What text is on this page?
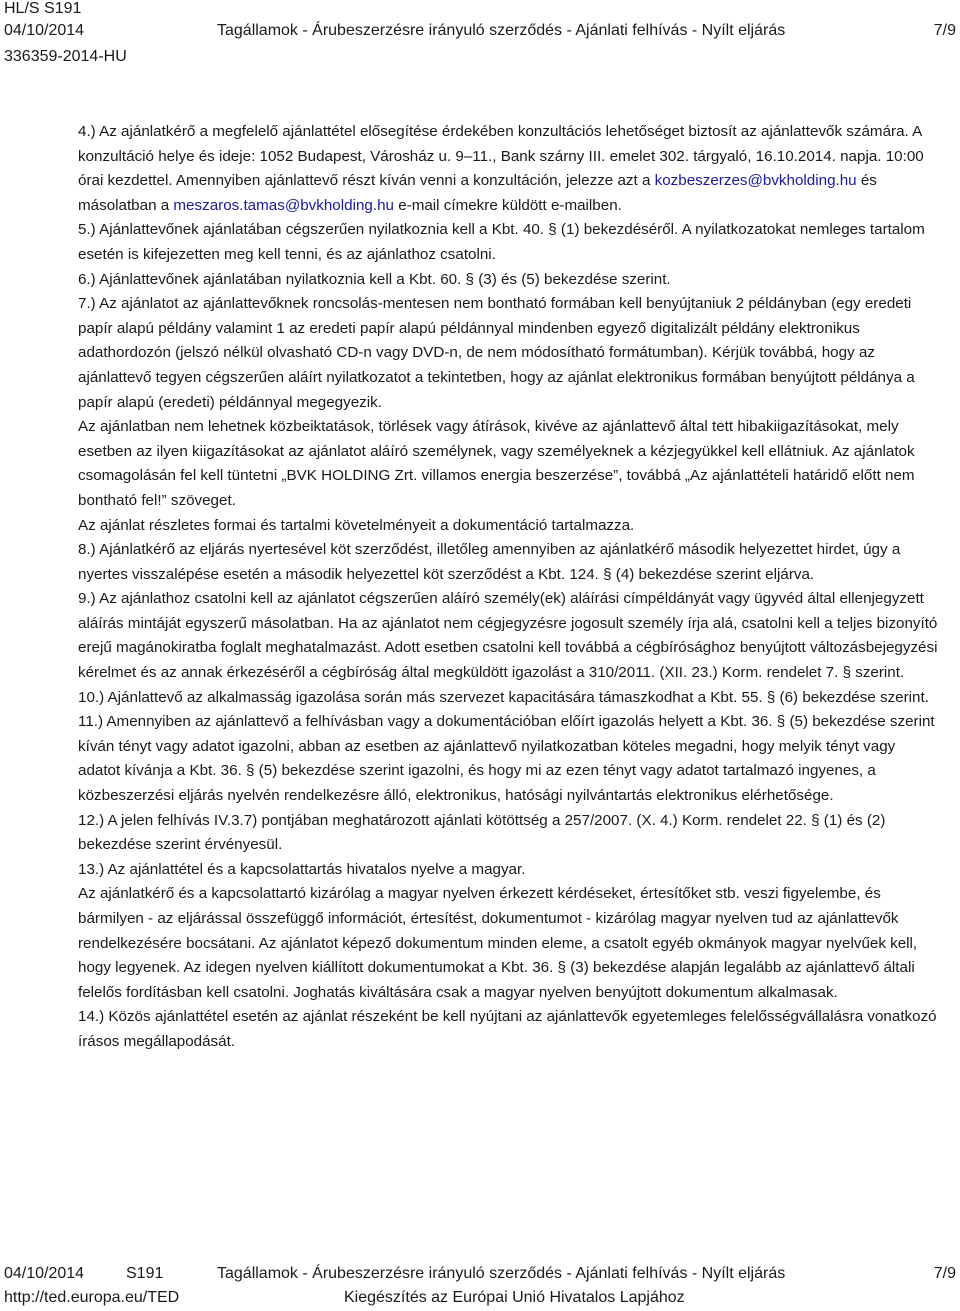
HL/S S191
04/10/2014	Tagállamok - Árubeszerzésre irányuló szerződés - Ajánlati felhívás - Nyílt eljárás	7/9
336359-2014-HU

4.) Az ajánlatkérő a megfelelő ajánlattétel elősegítése érdekében konzultációs lehetőséget biztosít az ajánlattevők számára. A konzultáció helye és ideje: 1052 Budapest, Városház u. 9–11., Bank szárny III. emelet 302. tárgyaló, 16.10.2014. napja. 10:00 órai kezdettel. Amennyiben ajánlattevő részt kíván venni a konzultáción, jelezze azt a kozbeszerzes@bvkholding.hu és másolatban a meszaros.tamas@bvkholding.hu e-mail címekre küldött e-mailben.

5.) Ajánlattevőnek ajánlatában cégszerűen nyilatkoznia kell a Kbt. 40. § (1) bekezdéséről. A nyilatkozatokat nemleges tartalom esetén is kifejezetten meg kell tenni, és az ajánlathoz csatolni.

6.) Ajánlattevőnek ajánlatában nyilatkoznia kell a Kbt. 60. § (3) és (5) bekezdése szerint.

7.) Az ajánlatot az ajánlattevőknek roncsolás-mentesen nem bontható formában kell benyújtaniuk 2 példányban (egy eredeti papír alapú példány valamint 1 az eredeti papír alapú példánnyal mindenben egyező digitalizált példány elektronikus adathordozón (jelszó nélkül olvasható CD-n vagy DVD-n, de nem módosítható formátumban). Kérjük továbbá, hogy az ajánlattevő tegyen cégszerűen aláírt nyilatkozatot a tekintetben, hogy az ajánlat elektronikus formában benyújtott példánya a papír alapú (eredeti) példánnyal megegyezik.

Az ajánlatban nem lehetnek közbeiktatások, törlések vagy átírások, kivéve az ajánlattevő által tett hibakiigazításokat, mely esetben az ilyen kiigazításokat az ajánlatot aláíró személynek, vagy személyeknek a kézjegyükkel kell ellátniuk. Az ajánlatok csomagolásán fel kell tüntetni „BVK HOLDING Zrt. villamos energia beszerzése”, továbbá „Az ajánlattételi határidő előtt nem bontható fel!” szöveget.

Az ajánlat részletes formai és tartalmi követelményeit a dokumentáció tartalmazza.

8.) Ajánlatkérő az eljárás nyertesével köt szerződést, illetőleg amennyiben az ajánlatkérő második helyezettet hirdet, úgy a nyertes visszalépése esetén a második helyezettel köt szerződést a Kbt. 124. § (4) bekezdése szerint eljárva.

9.) Az ajánlathoz csatolni kell az ajánlatot cégszerűen aláíró személy(ek) aláírási címpéldányát vagy ügyvéd által ellenjegyzett aláírás mintáját egyszerű másolatban. Ha az ajánlatot nem cégjegyzésre jogosult személy írja alá, csatolni kell a teljes bizonyító erejű magánokiratba foglalt meghatalmazást. Adott esetben csatolni kell továbbá a cégbírósághoz benyújtott változásbejegyzési kérelmet és az annak érkezéséről a cégbíróság által megküldött igazolást a 310/2011. (XII. 23.) Korm. rendelet 7. § szerint.

10.) Ajánlattevő az alkalmasság igazolása során más szervezet kapacitására támaszkodhat a Kbt. 55. § (6) bekezdése szerint.

11.) Amennyiben az ajánlattevő a felhívásban vagy a dokumentációban előírt igazolás helyett a Kbt. 36. § (5) bekezdése szerint kíván tényt vagy adatot igazolni, abban az esetben az ajánlattevő nyilatkozatban köteles megadni, hogy melyik tényt vagy adatot kívánja a Kbt. 36. § (5) bekezdése szerint igazolni, és hogy mi az ezen tényt vagy adatot tartalmazó ingyenes, a közbeszerzési eljárás nyelvén rendelkezésre álló, elektronikus, hatósági nyilvántartás elektronikus elérhetősége.

12.) A jelen felhívás IV.3.7) pontjában meghatározott ajánlati kötöttség a 257/2007. (X. 4.) Korm. rendelet 22. § (1) és (2) bekezdése szerint érvényesül.

13.) Az ajánlattétel és a kapcsolattartás hivatalos nyelve a magyar.

Az ajánlatkérő és a kapcsolattartó kizárólag a magyar nyelven érkezett kérdéseket, értesítőket stb. veszi figyelembe, és bármilyen - az eljárással összefüggő információt, értesítést, dokumentumot - kizárólag magyar nyelven tud az ajánlattevők rendelkezésére bocsátani. Az ajánlatot képező dokumentum minden eleme, a csatolt egyéb okmányok magyar nyelvűek kell, hogy legyenek. Az idegen nyelven kiállított dokumentumokat a Kbt. 36. § (3) bekezdése alapján legalább az ajánlattevő általi felelős fordításban kell csatolni. Joghatás kiváltására csak a magyar nyelven benyújtott dokumentum alkalmasak.

14.) Közös ajánlattétel esetén az ajánlat részeként be kell nyújtani az ajánlattevők egyetemleges felelősségvállalásra vonatkozó írásos megállapodását.

04/10/2014	S191	Tagállamok - Árubeszerzésre irányuló szerződés - Ajánlati felhívás - Nyílt eljárás	7/9
http://ted.europa.eu/TED	Kiegészítés az Európai Unió Hivatalos Lapjához
